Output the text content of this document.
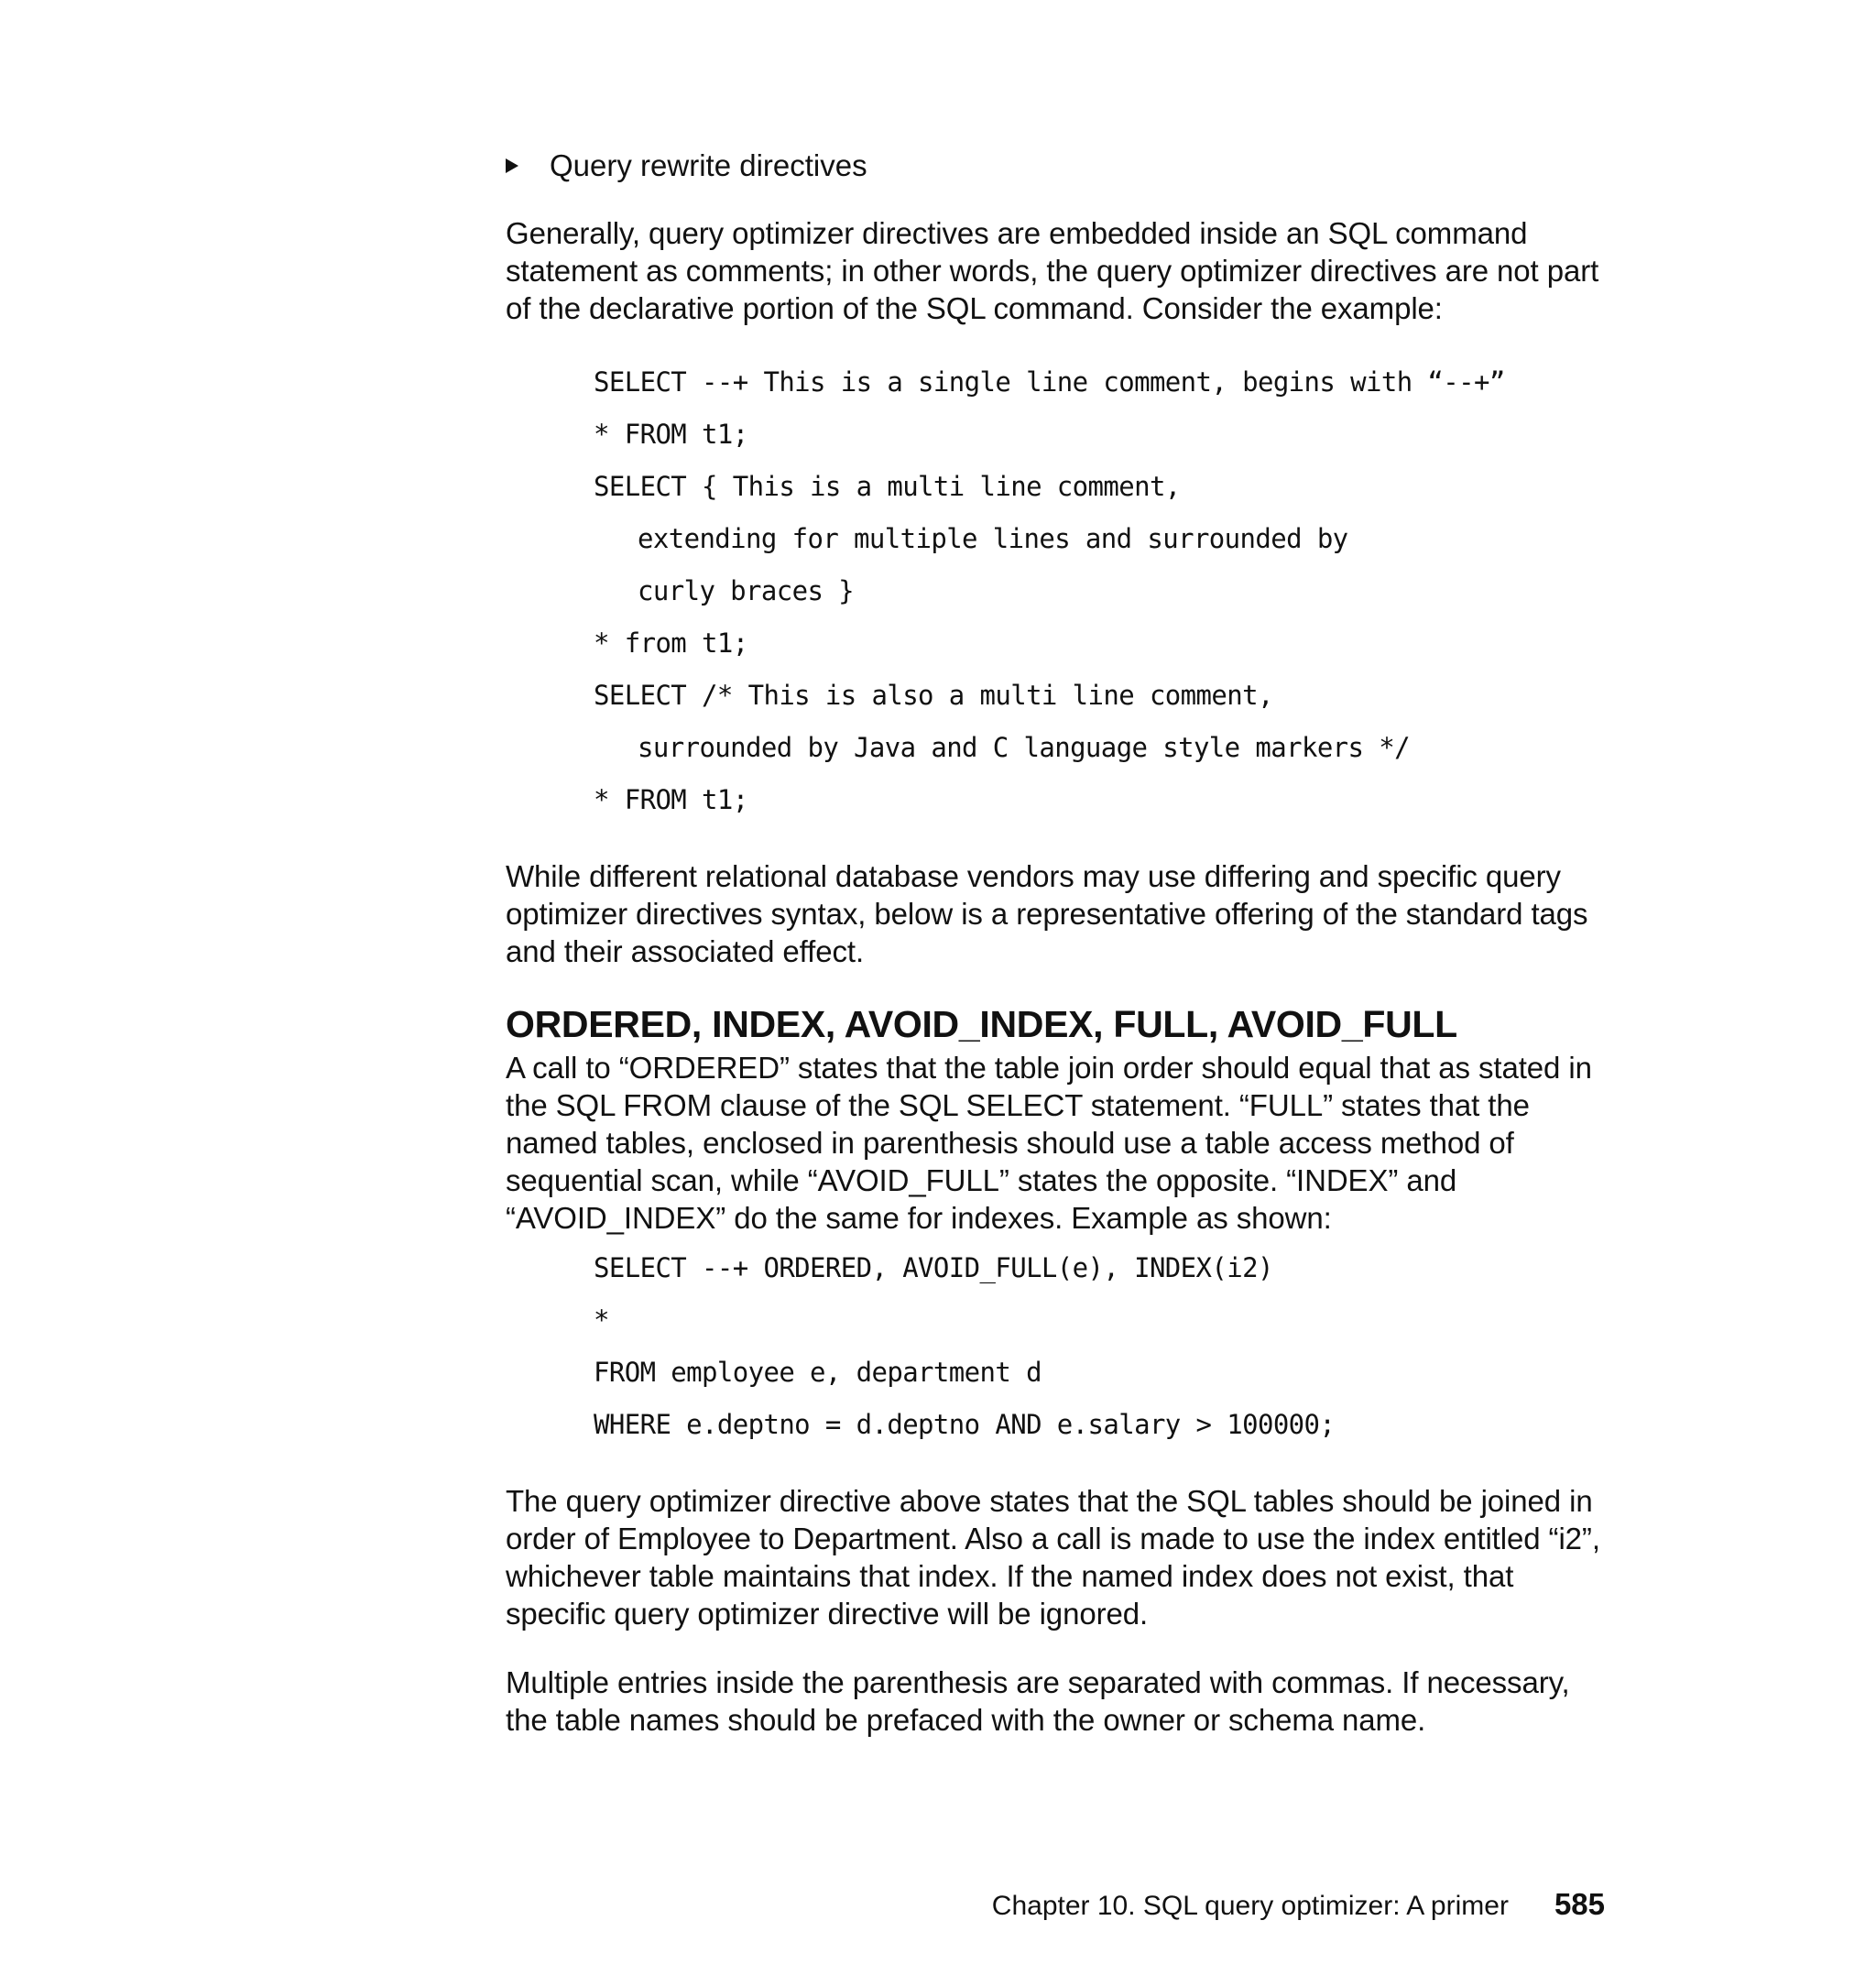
Query rewrite directives

Generally, query optimizer directives are embedded inside an SQL command statement as comments; in other words, the query optimizer directives are not part of the declarative portion of the SQL command. Consider the example:

SELECT --+ This is a single line comment, begins with “--+”
* FROM t1;
SELECT { This is a multi line comment,
extending for multiple lines and surrounded by
curly braces }
* from t1;
SELECT /* This is also a multi line comment,
surrounded by Java and C language style markers */
* FROM t1;

While different relational database vendors may use differing and specific query optimizer directives syntax, below is a representative offering of the standard tags and their associated effect.

ORDERED, INDEX, AVOID_INDEX, FULL, AVOID_FULL

A call to “ORDERED” states that the table join order should equal that as stated in the SQL FROM clause of the SQL SELECT statement. “FULL” states that the named tables, enclosed in parenthesis should use a table access method of sequential scan, while “AVOID_FULL” states the opposite. “INDEX” and “AVOID_INDEX” do the same for indexes. Example as shown:

SELECT --+ ORDERED, AVOID_FULL(e), INDEX(i2)
*
FROM employee e, department d
WHERE e.deptno = d.deptno AND e.salary > 100000;

The query optimizer directive above states that the SQL tables should be joined in order of Employee to Department. Also a call is made to use the index entitled “i2”, whichever table maintains that index. If the named index does not exist, that specific query optimizer directive will be ignored.

Multiple entries inside the parenthesis are separated with commas. If necessary, the table names should be prefaced with the owner or schema name.

Chapter 10. SQL query optimizer: A primer 585
